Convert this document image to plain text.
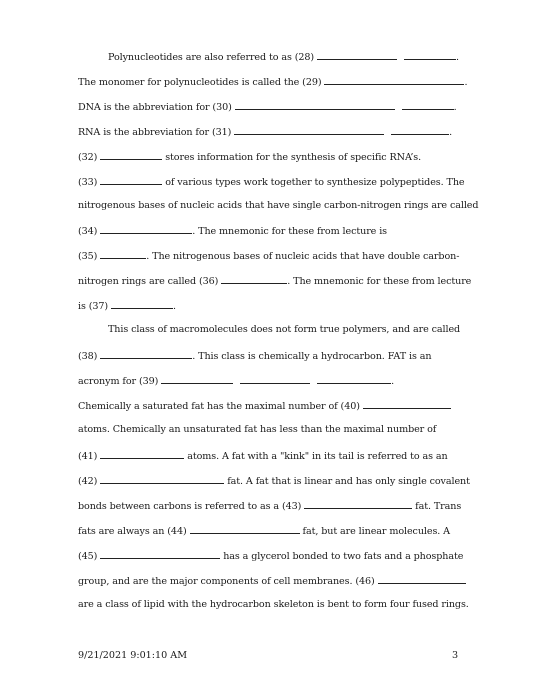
Polynucleotides are also referred to as (28)	.
The monomer for polynucleotides is called the (29)	.
DNA is the abbreviation for (30)	.
RNA is the abbreviation for (31)	.
(32)	stores information for the synthesis of specific RNA’s.
(33)	of various types work together to synthesize polypeptides. The
nitrogenous bases of nucleic acids that have single carbon-nitrogen rings are called
(34)	. The mnemonic for these from lecture is
(35)	. The nitrogenous bases of nucleic acids that have double carbon-
nitrogen rings are called (36)	. The mnemonic for these from lecture
is (37)	.
This class of macromolecules does not form true polymers, and are called
(38)	. This class is chemically a hydrocarbon. FAT is an
acronym for (39)	.
Chemically a saturated fat has the maximal number of (40)
atoms. Chemically an unsaturated fat has less than the maximal number of
(41)	atoms. A fat with a "kink" in its tail is referred to as an
(42)	fat. A fat that is linear and has only single covalent
bonds between carbons is referred to as a (43)	fat. Trans
fats are always an (44)	fat, but are linear molecules. A
(45)	has a glycerol bonded to two fats and a phosphate
group, and are the major components of cell membranes. (46)
are a class of lipid with the hydrocarbon skeleton is bent to form four fused rings.
9/21/2021 9:01:10 AM	3
